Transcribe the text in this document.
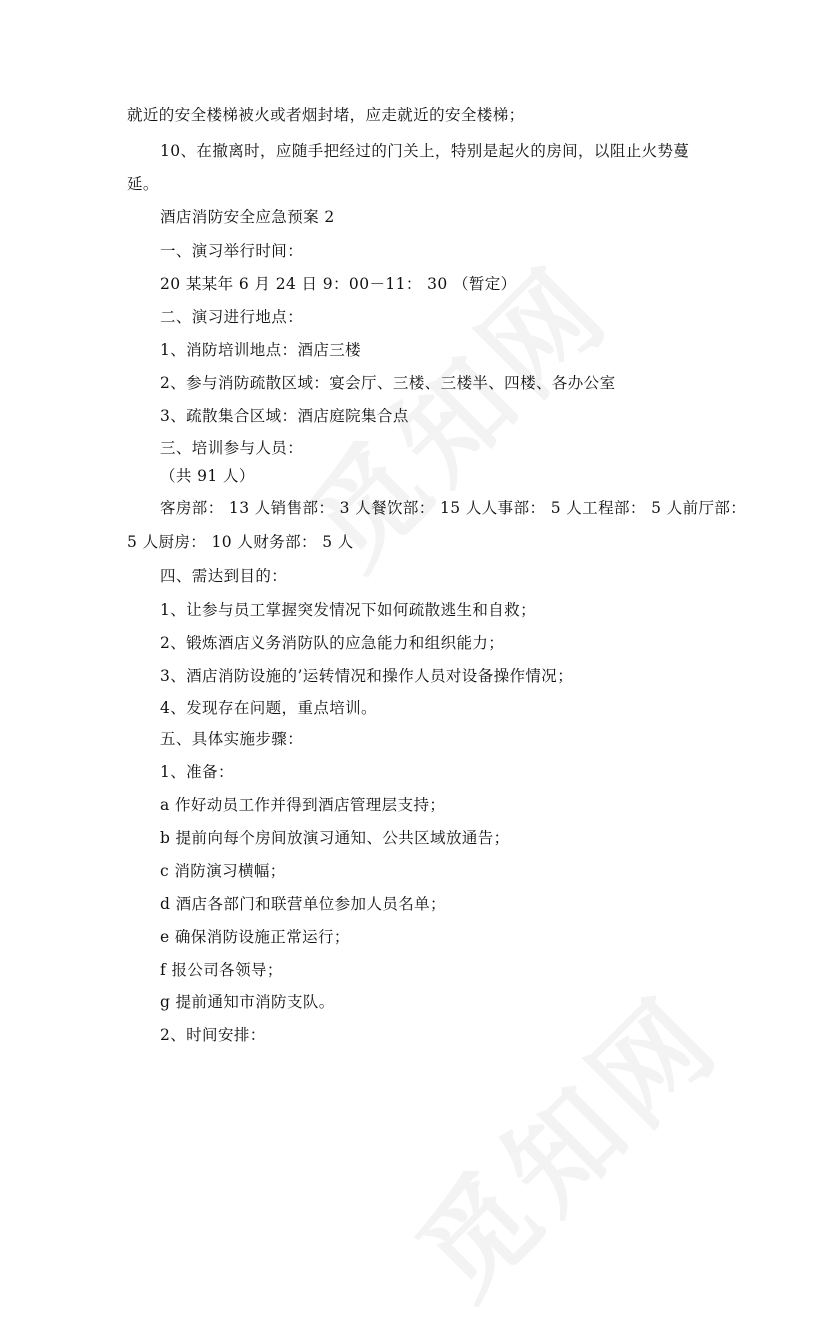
就近的安全楼梯被火或者烟封堵，应走就近的安全楼梯；
10、在撤离时，应随手把经过的门关上，特别是起火的房间，以阻止火势蔓
延。
酒店消防安全应急预案 2
一、演习举行时间：
20 某某年 6 月 24 日 9：00－11： 30 （暂定）
二、演习进行地点：
1、消防培训地点：酒店三楼
2、参与消防疏散区域：宴会厅、三楼、三楼半、四楼、各办公室
3、疏散集合区域：酒店庭院集合点
三、培训参与人员：
（共 91 人）
客房部： 13 人销售部： 3 人餐饮部： 15 人人事部： 5 人工程部： 5 人前厅部：
5 人厨房： 10 人财务部： 5 人
四、需达到目的：
1、让参与员工掌握突发情况下如何疏散逃生和自救；
2、锻炼酒店义务消防队的应急能力和组织能力；
3、酒店消防设施的’运转情况和操作人员对设备操作情况；
4、发现存在问题，重点培训。
五、具体实施步骤：
1、准备：
a 作好动员工作并得到酒店管理层支持；
b 提前向每个房间放演习通知、公共区域放通告；
c 消防演习横幅；
d 酒店各部门和联营单位参加人员名单；
e 确保消防设施正常运行；
f 报公司各领导；
g 提前通知市消防支队。
2、时间安排：
